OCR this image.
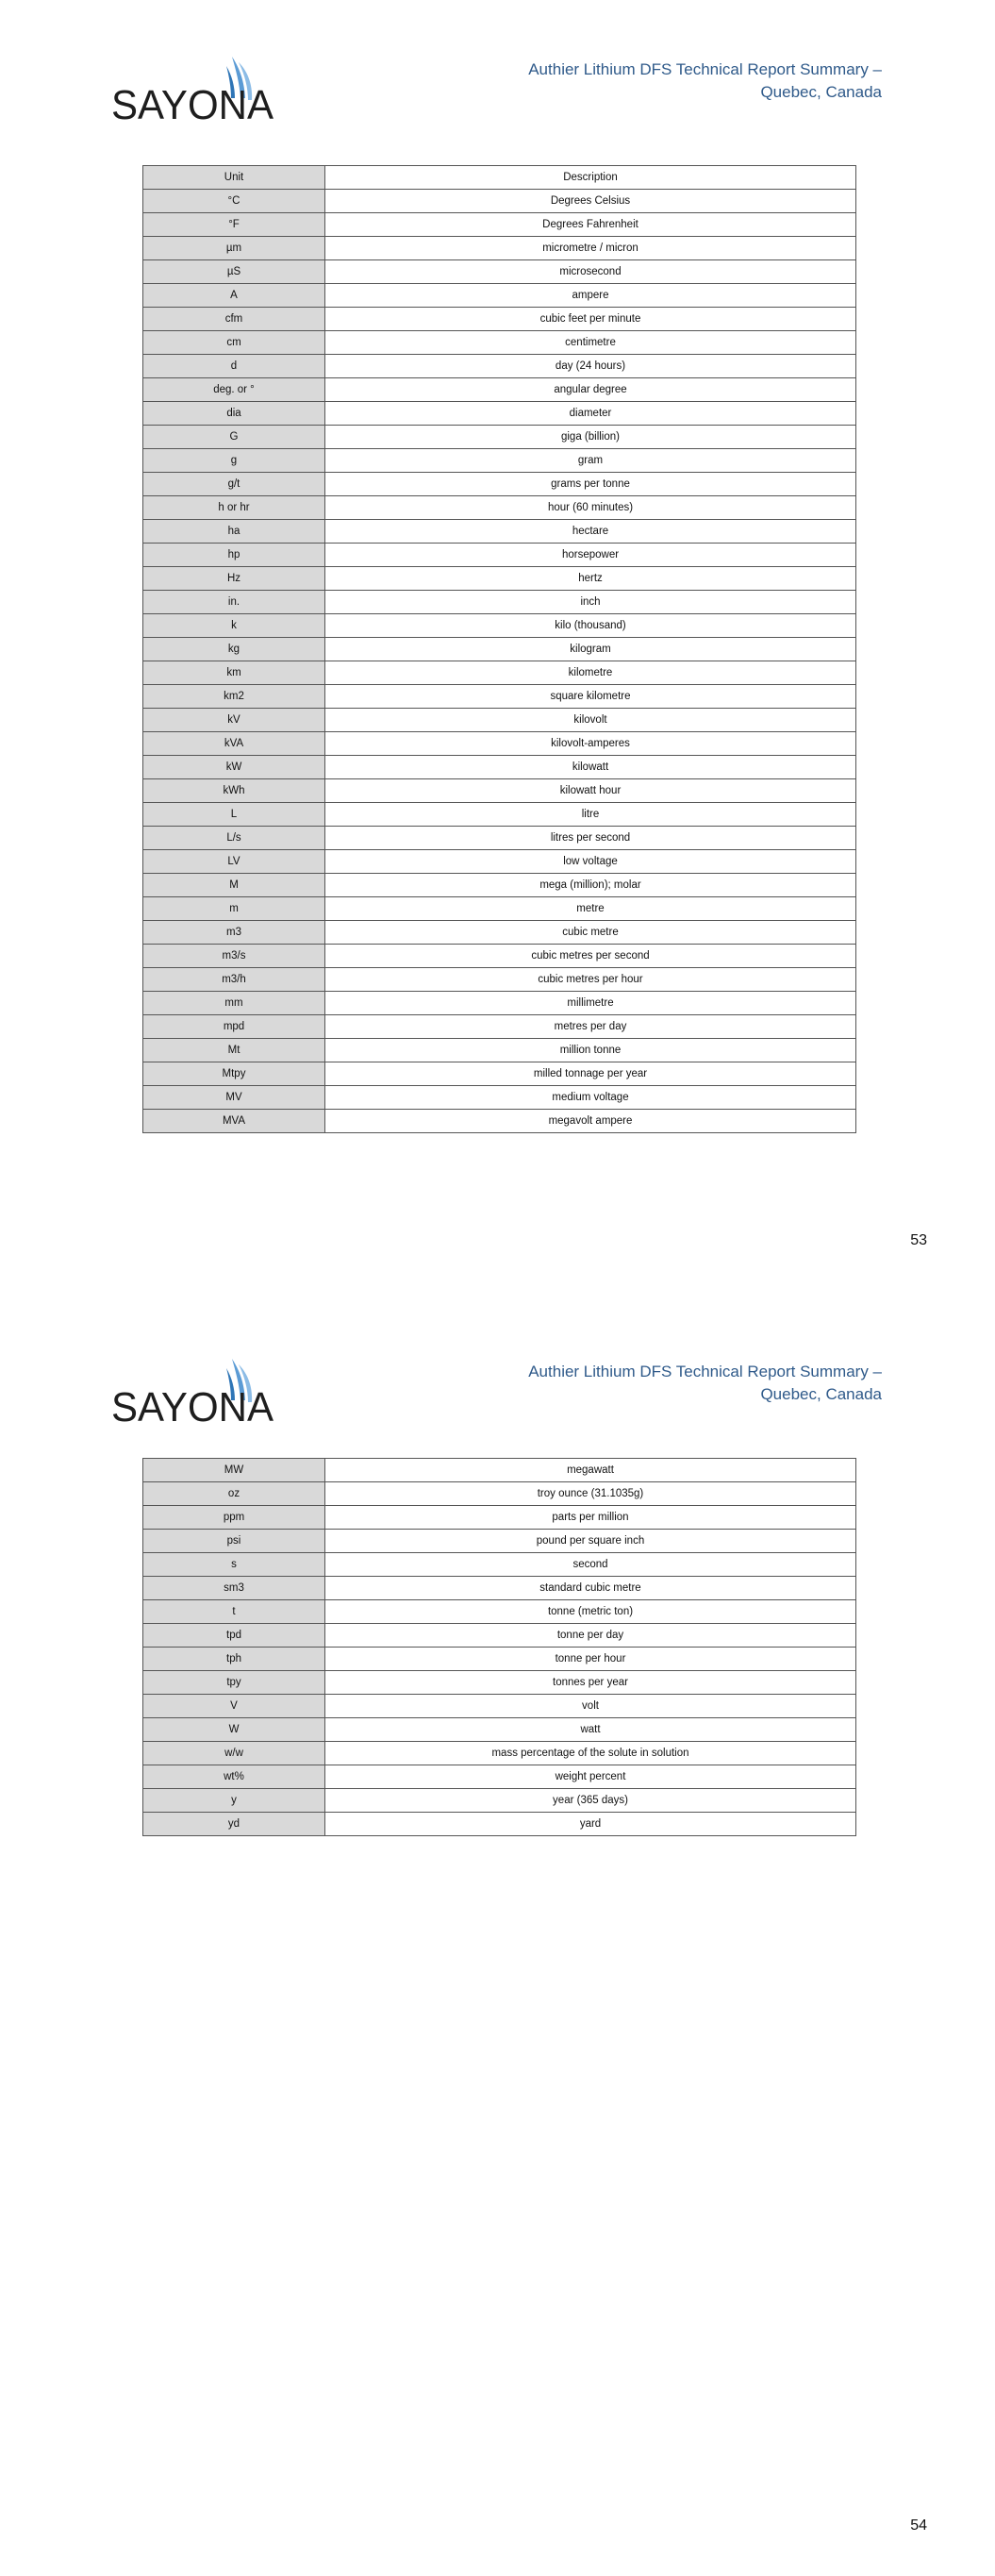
SAYONA
Authier Lithium DFS Technical Report Summary –
Quebec, Canada
Unit	Description
°C	Degrees Celsius
°F	Degrees Fahrenheit
µm	micrometre / micron
µS	microsecond
A	ampere
cfm	cubic feet per minute
cm	centimetre
d	day (24 hours)
deg. or °	angular degree
dia	diameter
G	giga (billion)
g	gram
g/t	grams per tonne
h or hr	hour (60 minutes)
ha	hectare
hp	horsepower
Hz	hertz
in.	inch
k	kilo (thousand)
kg	kilogram
km	kilometre
km2	square kilometre
kV	kilovolt
kVA	kilovolt-amperes
kW	kilowatt
kWh	kilowatt hour
L	litre
L/s	litres per second
LV	low voltage
M	mega (million); molar
m	metre
m3	cubic metre
m3/s	cubic metres per second
m3/h	cubic metres per hour
mm	millimetre
mpd	metres per day
Mt	million tonne
Mtpy	milled tonnage per year
MV	medium voltage
MVA	megavolt ampere
53
SAYONA
Authier Lithium DFS Technical Report Summary –
Quebec, Canada
MW	megawatt
oz	troy ounce (31.1035g)
ppm	parts per million
psi	pound per square inch
s	second
sm3	standard cubic metre
t	tonne (metric ton)
tpd	tonne per day
tph	tonne per hour
tpy	tonnes per year
V	volt
W	watt
w/w	mass percentage of the solute in solution
wt%	weight percent
y	year (365 days)
yd	yard
54
